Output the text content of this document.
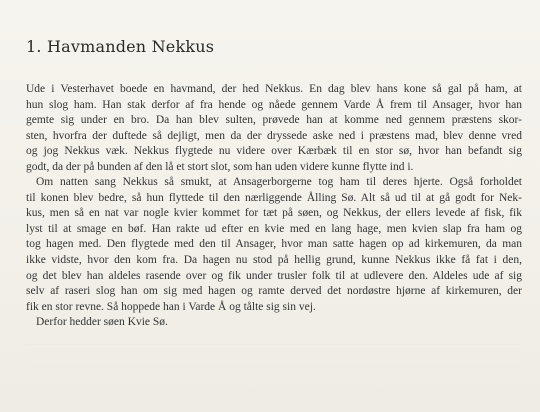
1. Havmanden Nekkus
Ude i Vesterhavet boede en havmand, der hed Nekkus. En dag blev hans kone så gal på ham, at
hun slog ham. Han stak derfor af fra hende og nåede gennem Varde Å frem til Ansager, hvor han
gemte sig under en bro. Da han blev sulten, prøvede han at komme ned gennem præstens skor-
sten, hvorfra der duftede så dejligt, men da der dryssede aske ned i præstens mad, blev denne vred
og jog Nekkus væk. Nekkus flygtede nu videre over Kærbæk til en stor sø, hvor han befandt sig
godt, da der på bunden af den lå et stort slot, som han uden videre kunne flytte ind i.
Om natten sang Nekkus så smukt, at Ansagerborgerne tog ham til deres hjerte. Også forholdet
til konen blev bedre, så hun flyttede til den nærliggende Ålling Sø. Alt så ud til at gå godt for Nek-
kus, men så en nat var nogle kvier kommet for tæt på søen, og Nekkus, der ellers levede af fisk, fik
lyst til at smage en bøf. Han rakte ud efter en kvie med en lang hage, men kvien slap fra ham og
tog hagen med. Den flygtede med den til Ansager, hvor man satte hagen op ad kirkemuren, da man
ikke vidste, hvor den kom fra. Da hagen nu stod på hellig grund, kunne Nekkus ikke få fat i den,
og det blev han aldeles rasende over og fik under trusler folk til at udlevere den. Aldeles ude af sig
selv af raseri slog han om sig med hagen og ramte derved det nordøstre hjørne af kirkemuren, der
fik en stor revne. Så hoppede han i Varde Å og tålte sig sin vej.
Derfor hedder søen Kvie Sø.
